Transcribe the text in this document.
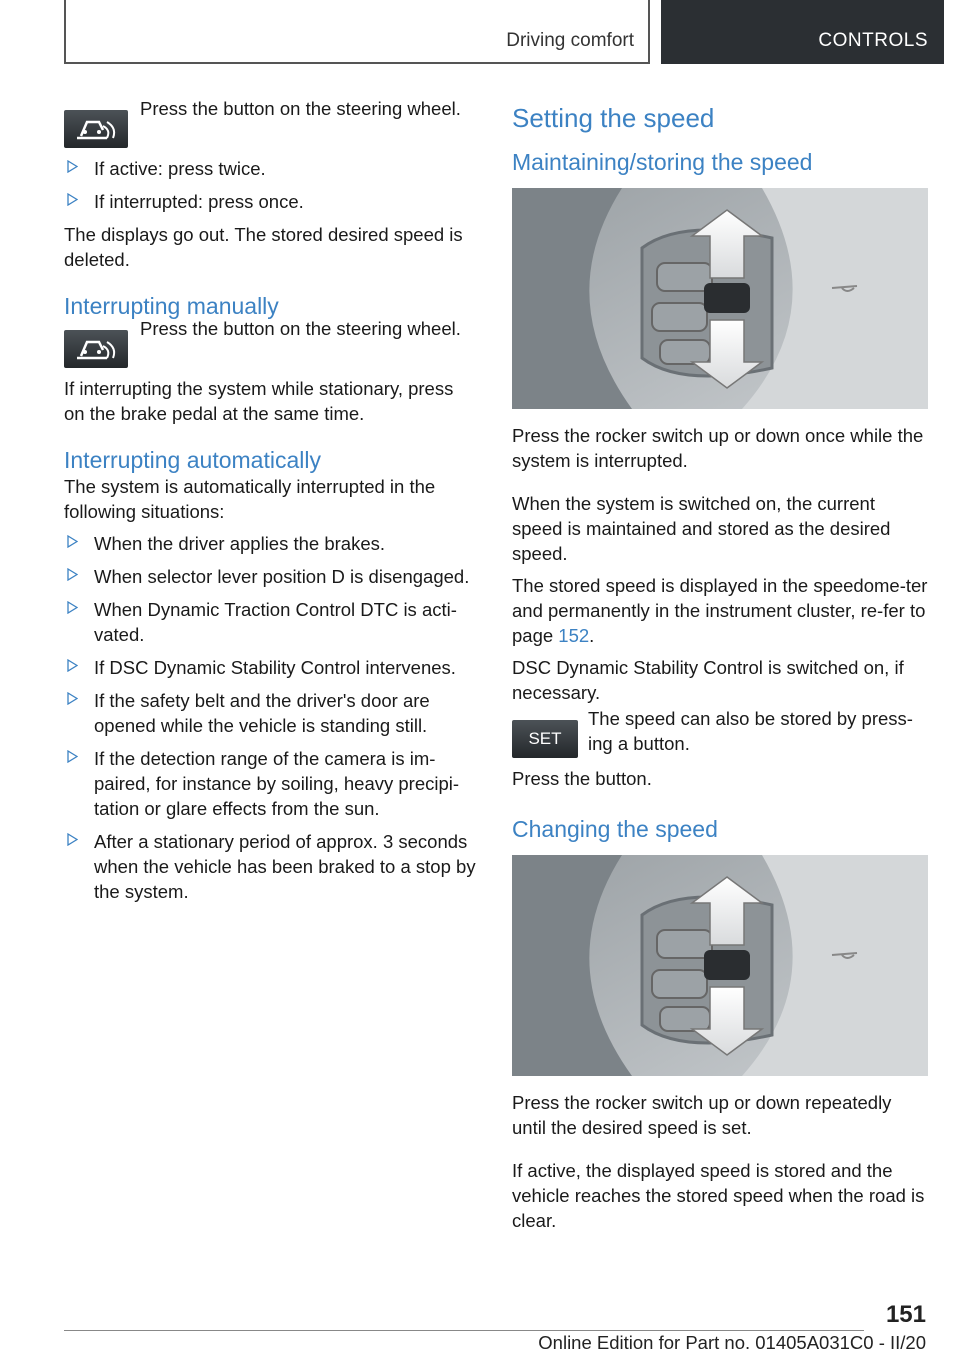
Driving comfort	CONTROLS

Press the button on the steering wheel.

If active: press twice.
If interrupted: press once.

The displays go out. The stored desired speed is deleted.

Interrupting manually

Press the button on the steering wheel.

If interrupting the system while stationary, press on the brake pedal at the same time.

Interrupting automatically

The system is automatically interrupted in the following situations:

When the driver applies the brakes.
When selector lever position D is disengaged.
When Dynamic Traction Control DTC is acti-vated.
If DSC Dynamic Stability Control intervenes.
If the safety belt and the driver's door are opened while the vehicle is standing still.
If the detection range of the camera is im-paired, for instance by soiling, heavy precipi-tation or glare effects from the sun.
After a stationary period of approx. 3 seconds when the vehicle has been braked to a stop by the system.
Setting the speed
Maintaining/storing the speed

Press the rocker switch up or down once while the system is interrupted.

When the system is switched on, the current speed is maintained and stored as the desired speed.

The stored speed is displayed in the speedome-ter and permanently in the instrument cluster, re-fer to page 152.

DSC Dynamic Stability Control is switched on, if necessary.

SET

The speed can also be stored by press-ing a button.

Press the button.

Changing the speed

Press the rocker switch up or down repeatedly until the desired speed is set.

If active, the displayed speed is stored and the vehicle reaches the stored speed when the road is clear.

151
Online Edition for Part no. 01405A031C0 - II/20
